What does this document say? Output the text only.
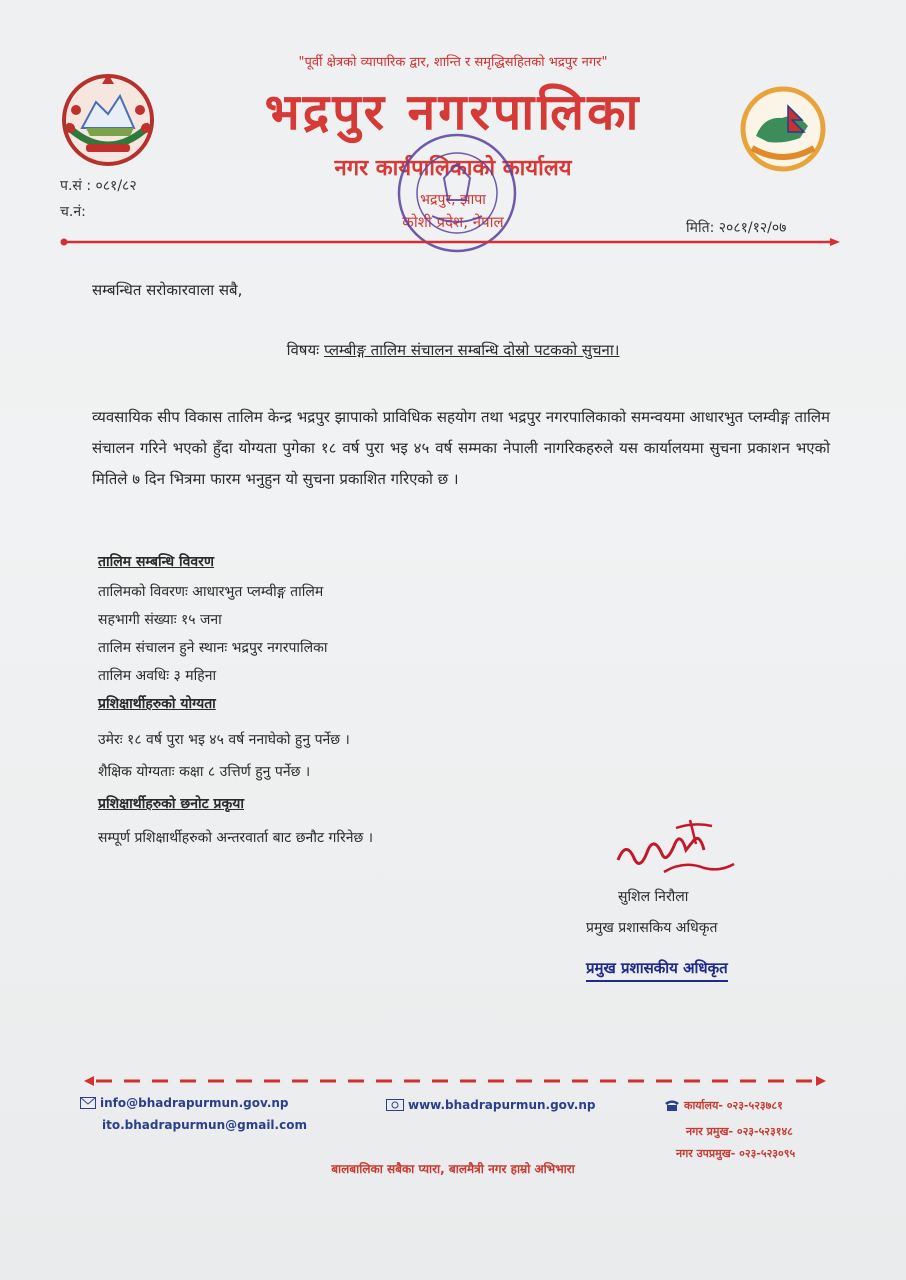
"पूर्वी क्षेत्रको व्यापारिक द्वार, शान्ति र समृद्धिसहितको भद्रपुर नगर"
भद्रपुर नगरपालिका
नगर कार्यपालिकाको कार्यालय
भद्रपुर, झापा
कोशी प्रदेश, नेपाल
प.सं : ०८१/८२
च.नं:
मिति: २०८१/१२/०७
सम्बन्धित सरोकारवाला सबै,
विषयः प्लम्बीङ्ग तालिम संचालन सम्बन्धि दोस्रो पटकको सुचना।
व्यवसायिक सीप विकास तालिम केन्द्र भद्रपुर झापाको प्राविधिक सहयोग तथा भद्रपुर नगरपालिकाको समन्वयमा आधारभुत प्लम्वीङ्ग तालिम संचालन गरिने भएको हुँदा योग्यता पुगेका १८ वर्ष पुरा भइ ४५ वर्ष सम्मका नेपाली नागरिकहरुले यस कार्यालयमा सुचना प्रकाशन भएको मितिले ७ दिन भित्रमा फारम भनुहुन यो सुचना प्रकाशित गरिएको छ ।
तालिम सम्बन्धि विवरण
तालिमको विवरणः आधारभुत प्लम्वीङ्ग तालिम
सहभागी संख्याः १५ जना
तालिम संचालन हुने स्थानः भद्रपुर नगरपालिका
तालिम अवधिः ३ महिना
प्रशिक्षार्थीहरुको योग्यता
उमेरः १८ वर्ष पुरा भइ ४५ वर्ष ननाघेको हुनु पर्नेछ ।
शैक्षिक योग्यताः कक्षा ८ उत्तिर्ण हुनु पर्नेछ ।
प्रशिक्षार्थीहरुको छनोट प्रकृया
सम्पूर्ण प्रशिक्षार्थीहरुको अन्तरवार्ता बाट छनौट गरिनेछ ।
सुशिल निरौला
प्रमुख प्रशासकिय अधिकृत
प्रमुख प्रशासकीय अधिकृत
info@bhadrapurmun.gov.np
ito.bhadrapurmun@gmail.com
www.bhadrapurmun.gov.np	कार्यालय- ०२३-५२३७८१
नगर प्रमुख- ०२३-५२३१४८
नगर उपप्रमुख- ०२३-५२३०९५
बालबालिका सबैका प्यारा, बालमैत्री नगर हाम्रो अभिभारा
